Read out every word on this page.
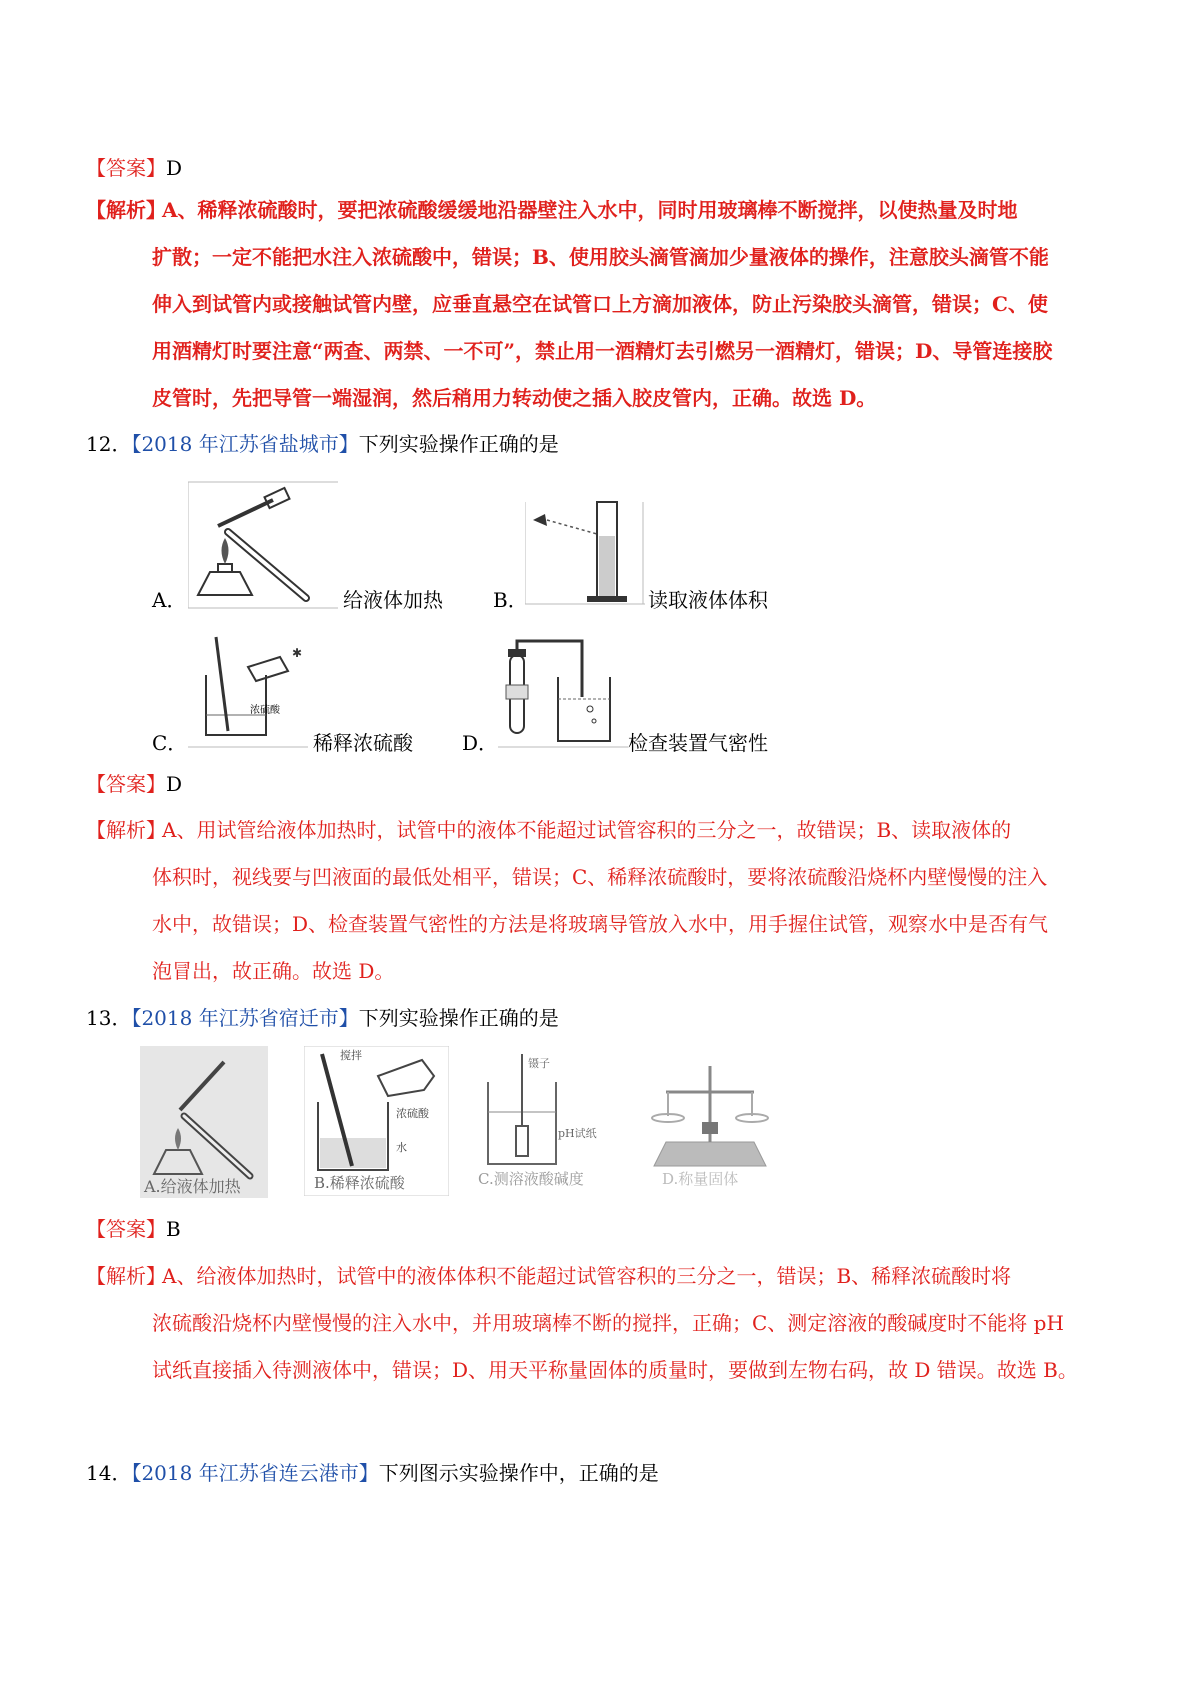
【答案】D
【解析】
A、稀释浓硫酸时，要把浓硫酸缓缓地沿器壁注入水中，同时用玻璃棒不断搅拌，以使热量及时地
扩散；一定不能把水注入浓硫酸中，错误；B、使用胶头滴管滴加少量液体的操作，注意胶头滴管不能
伸入到试管内或接触试管内壁，应垂直悬空在试管口上方滴加液体，防止污染胶头滴管，错误；C、使
用酒精灯时要注意“两查、两禁、一不可”，禁止用一酒精灯去引燃另一酒精灯，错误；D、导管连接胶
皮管时，先把导管一端湿润，然后稍用力转动使之插入胶皮管内，正确。故选 D。
12．【2018 年江苏省盐城市】下列实验操作正确的是
A．	给液体加热	B．	读取液体体积
C．
✱
浓硫酸
稀释浓硫酸 D．	检查装置气密性
【答案】D
【解析】
A、用试管给液体加热时，试管中的液体不能超过试管容积的三分之一，故错误；B、读取液体的
体积时，视线要与凹液面的最低处相平，错误；C、稀释浓硫酸时，要将浓硫酸沿烧杯内壁慢慢的注入
水中，故错误；D、检查装置气密性的方法是将玻璃导管放入水中，用手握住试管，观察水中是否有气
泡冒出，故正确。故选 D。
13．【2018 年江苏省宿迁市】下列实验操作正确的是
A.给液体加热
搅拌
浓硫酸
水
B.稀释浓硫酸
镊子
pH试纸
C.测溶液酸碱度	D.称量固体
【答案】B
【解析】
A、给液体加热时，试管中的液体体积不能超过试管容积的三分之一，错误；B、稀释浓硫酸时将
浓硫酸沿烧杯内壁慢慢的注入水中，并用玻璃棒不断的搅拌，正确；C、测定溶液的酸碱度时不能将 pH
试纸直接插入待测液体中，错误；D、用天平称量固体的质量时，要做到左物右码，故 D 错误。故选 B。
14．【2018 年江苏省连云港市】下列图示实验操作中，正确的是
